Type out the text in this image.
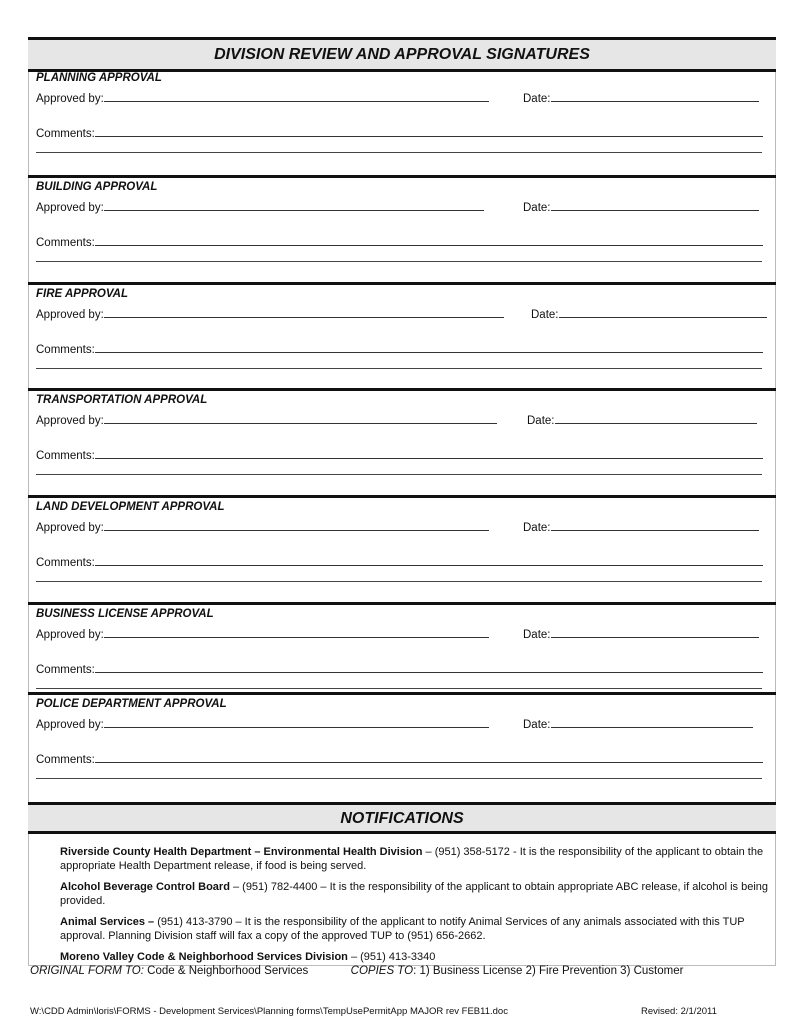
DIVISION REVIEW AND APPROVAL SIGNATURES
PLANNING APPROVAL
Approved by:	Date:
Comments:
BUILDING APPROVAL
Approved by:	Date:
Comments:
FIRE APPROVAL
Approved by:	Date:
Comments:
TRANSPORTATION APPROVAL
Approved by:	Date:
Comments:
LAND DEVELOPMENT APPROVAL
Approved by:	Date:
Comments:
BUSINESS LICENSE APPROVAL
Approved by:	Date:
Comments:
POLICE DEPARTMENT APPROVAL
Approved by:	Date:
Comments:
NOTIFICATIONS

Riverside County Health Department – Environmental Health Division – (951) 358-5172 - It is the responsibility of the applicant to obtain the appropriate Health Department release, if food is being served.

Alcohol Beverage Control Board – (951) 782-4400 – It is the responsibility of the applicant to obtain appropriate ABC release, if alcohol is being provided.

Animal Services – (951) 413-3790 – It is the responsibility of the applicant to notify Animal Services of any animals associated with this TUP approval. Planning Division staff will fax a copy of the approved TUP to (951) 656-2662.

Moreno Valley Code & Neighborhood Services Division – (951) 413-3340

ORIGINAL FORM TO: Code & Neighborhood Services	COPIES TO: 1) Business License 2) Fire Prevention 3) Customer
W:\CDD Admin\loris\FORMS - Development Services\Planning forms\TempUsePermitApp MAJOR rev FEB11.doc	Revised: 2/1/2011
